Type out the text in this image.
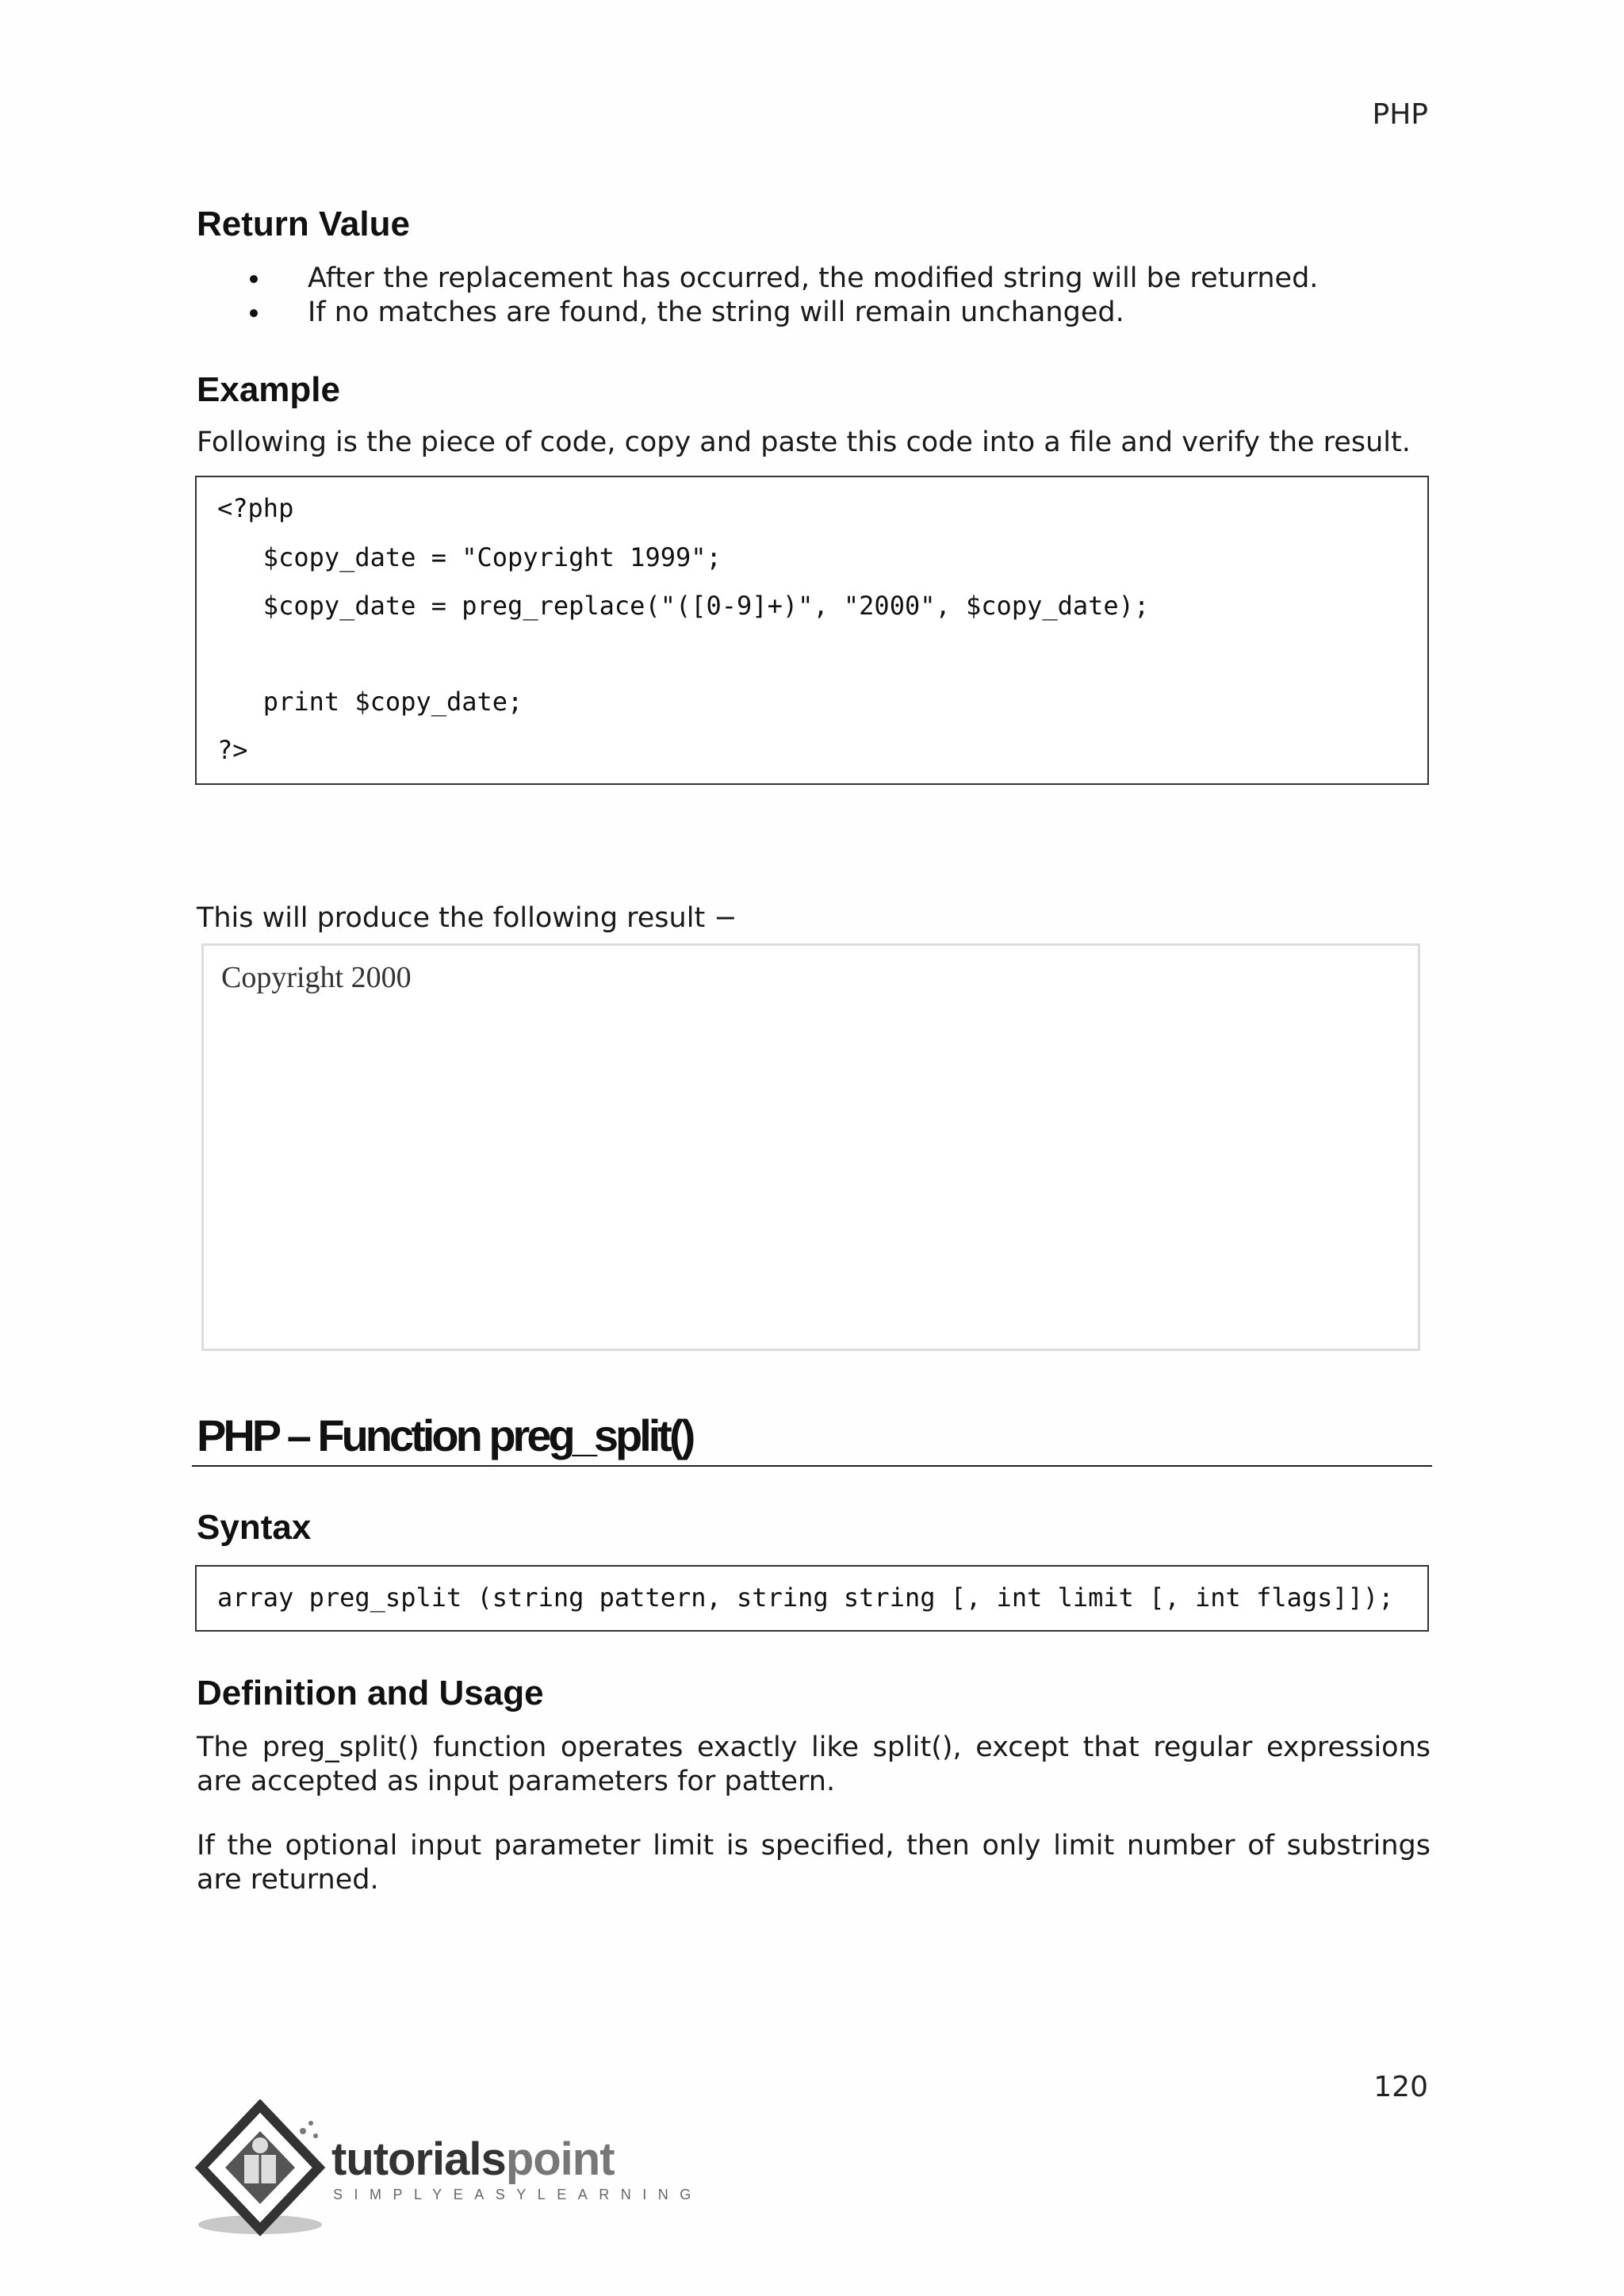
PHP
Return Value
After the replacement has occurred, the modified string will be returned.
If no matches are found, the string will remain unchanged.
Example
Following is the piece of code, copy and paste this code into a file and verify the result.
<?php
$copy_date = "Copyright 1999";
$copy_date = preg_replace("([0-9]+)", "2000", $copy_date);
print $copy_date;
?>
This will produce the following result −
Copyright 2000
PHP – Function preg_split()
Syntax
array preg_split (string pattern, string string [, int limit [, int flags]]);
Definition and Usage
The preg_split() function operates exactly like split(), except that regular expressions are accepted as input parameters for pattern.
If the optional input parameter limit is specified, then only limit number of substrings are returned.
120
tutorialspoint
SIMPLYEASYLEARNING
